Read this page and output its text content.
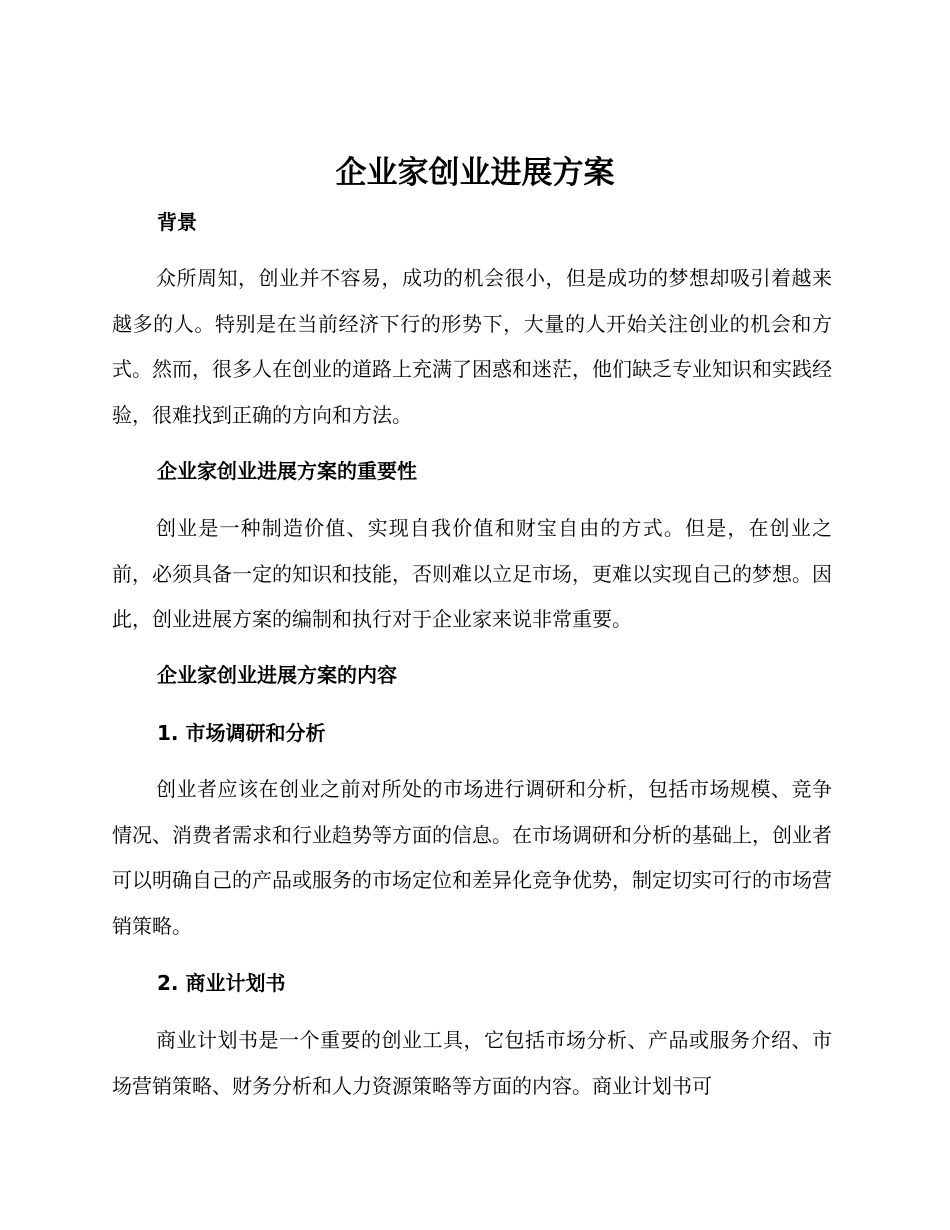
企业家创业进展方案
背景
众所周知，创业并不容易，成功的机会很小，但是成功的梦想却吸引着越来越多的人。特别是在当前经济下行的形势下，大量的人开始关注创业的机会和方式。然而，很多人在创业的道路上充满了困惑和迷茫，他们缺乏专业知识和实践经验，很难找到正确的方向和方法。
企业家创业进展方案的重要性
创业是一种制造价值、实现自我价值和财宝自由的方式。但是，在创业之前，必须具备一定的知识和技能，否则难以立足市场，更难以实现自己的梦想。因此，创业进展方案的编制和执行对于企业家来说非常重要。
企业家创业进展方案的内容
1. 市场调研和分析
创业者应该在创业之前对所处的市场进行调研和分析，包括市场规模、竞争情况、消费者需求和行业趋势等方面的信息。在市场调研和分析的基础上，创业者可以明确自己的产品或服务的市场定位和差异化竞争优势，制定切实可行的市场营销策略。
2. 商业计划书
商业计划书是一个重要的创业工具，它包括市场分析、产品或服务介绍、市场营销策略、财务分析和人力资源策略等方面的内容。商业计划书可
